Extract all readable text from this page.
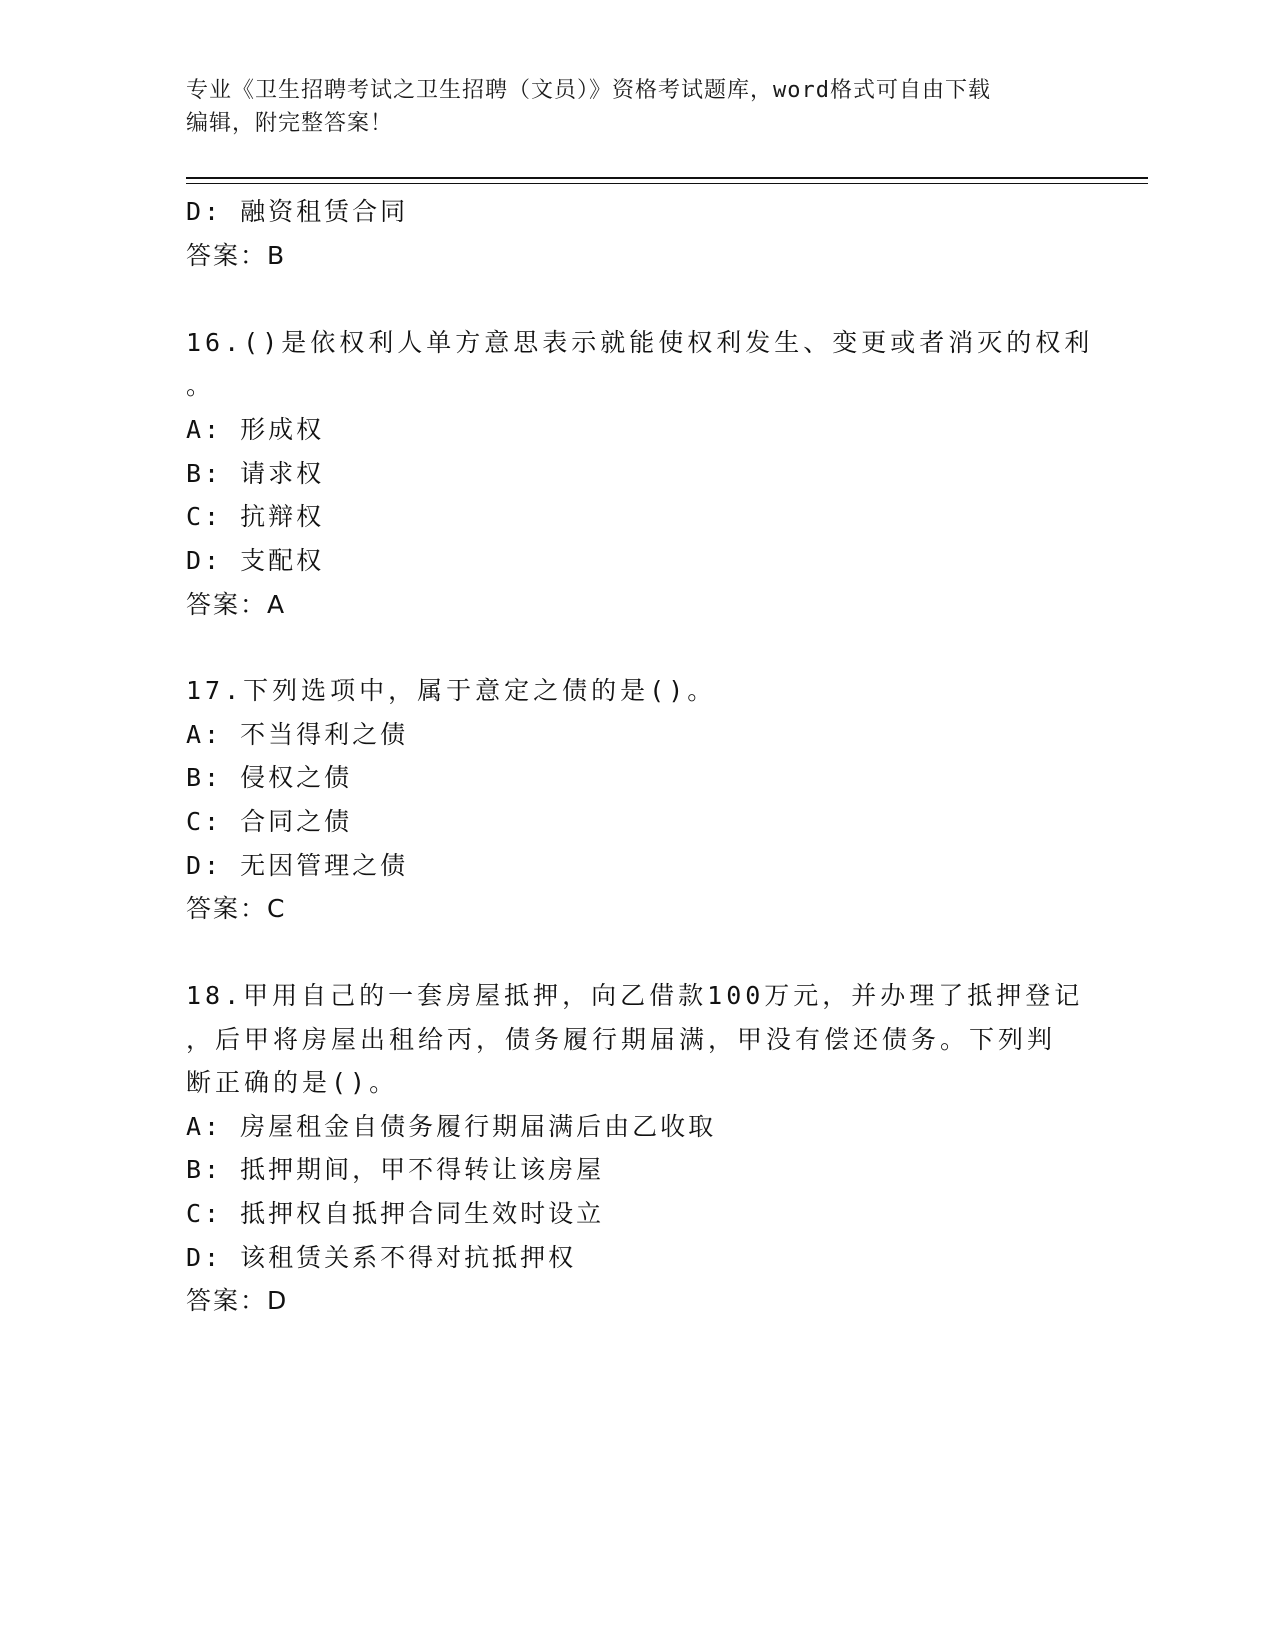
专业《卫生招聘考试之卫生招聘（文员）》资格考试题库，word格式可自由下载
编辑，附完整答案！
D: 融资租赁合同
答案：B
16.()是依权利人单方意思表示就能使权利发生、变更或者消灭的权利
。
A: 形成权
B: 请求权
C: 抗辩权
D: 支配权
答案：A
17.下列选项中，属于意定之债的是()。
A: 不当得利之债
B: 侵权之债
C: 合同之债
D: 无因管理之债
答案：C
18.甲用自己的一套房屋抵押，向乙借款100万元，并办理了抵押登记
，后甲将房屋出租给丙，债务履行期届满，甲没有偿还债务。下列判
断正确的是()。
A: 房屋租金自债务履行期届满后由乙收取
B: 抵押期间，甲不得转让该房屋
C: 抵押权自抵押合同生效时设立
D: 该租赁关系不得对抗抵押权
答案：D
